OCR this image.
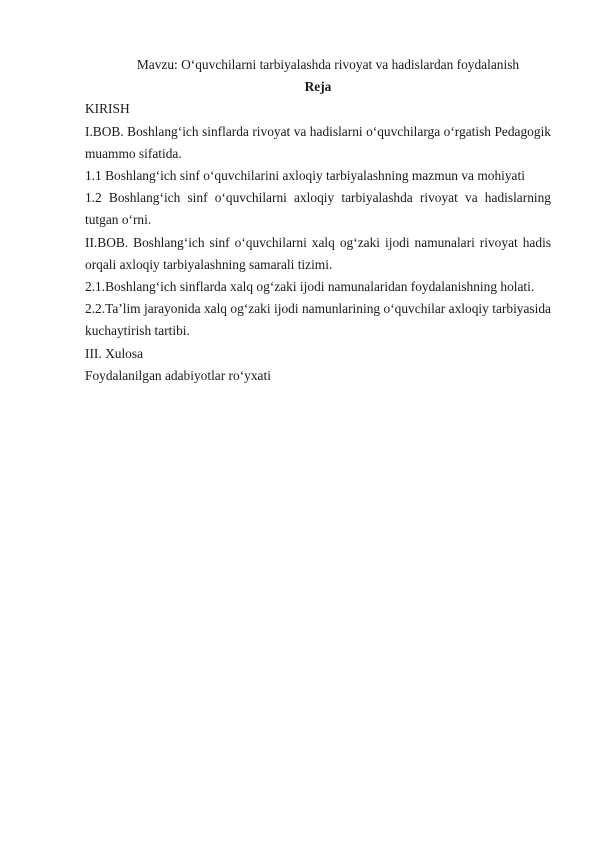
Mavzu: O‘quvchilarni tarbiyalashda rivoyat va hadislardan foydalanish

Reja

KIRISH

I.BOB. Boshlang‘ich sinflarda rivoyat va hadislarni o‘quvchilarga o‘rgatish Pedagogik muammo sifatida.

1.1 Boshlang‘ich sinf o‘quvchilarini axloqiy tarbiyalashning mazmun va mohiyati

1.2 Boshlang‘ich sinf o‘quvchilarni axloqiy tarbiyalashda rivoyat va hadislarning tutgan o‘rni.

II.BOB. Boshlang‘ich sinf o‘quvchilarni xalq og‘zaki ijodi namunalari rivoyat hadis orqali axloqiy tarbiyalashning samarali tizimi.

2.1.Boshlang‘ich sinflarda xalq og‘zaki ijodi namunalaridan foydalanishning holati.

2.2.Ta’lim jarayonida xalq og‘zaki ijodi namunlarining o‘quvchilar axloqiy tarbiyasida kuchaytirish tartibi.

III. Xulosa

Foydalanilgan adabiyotlar ro‘yxati
